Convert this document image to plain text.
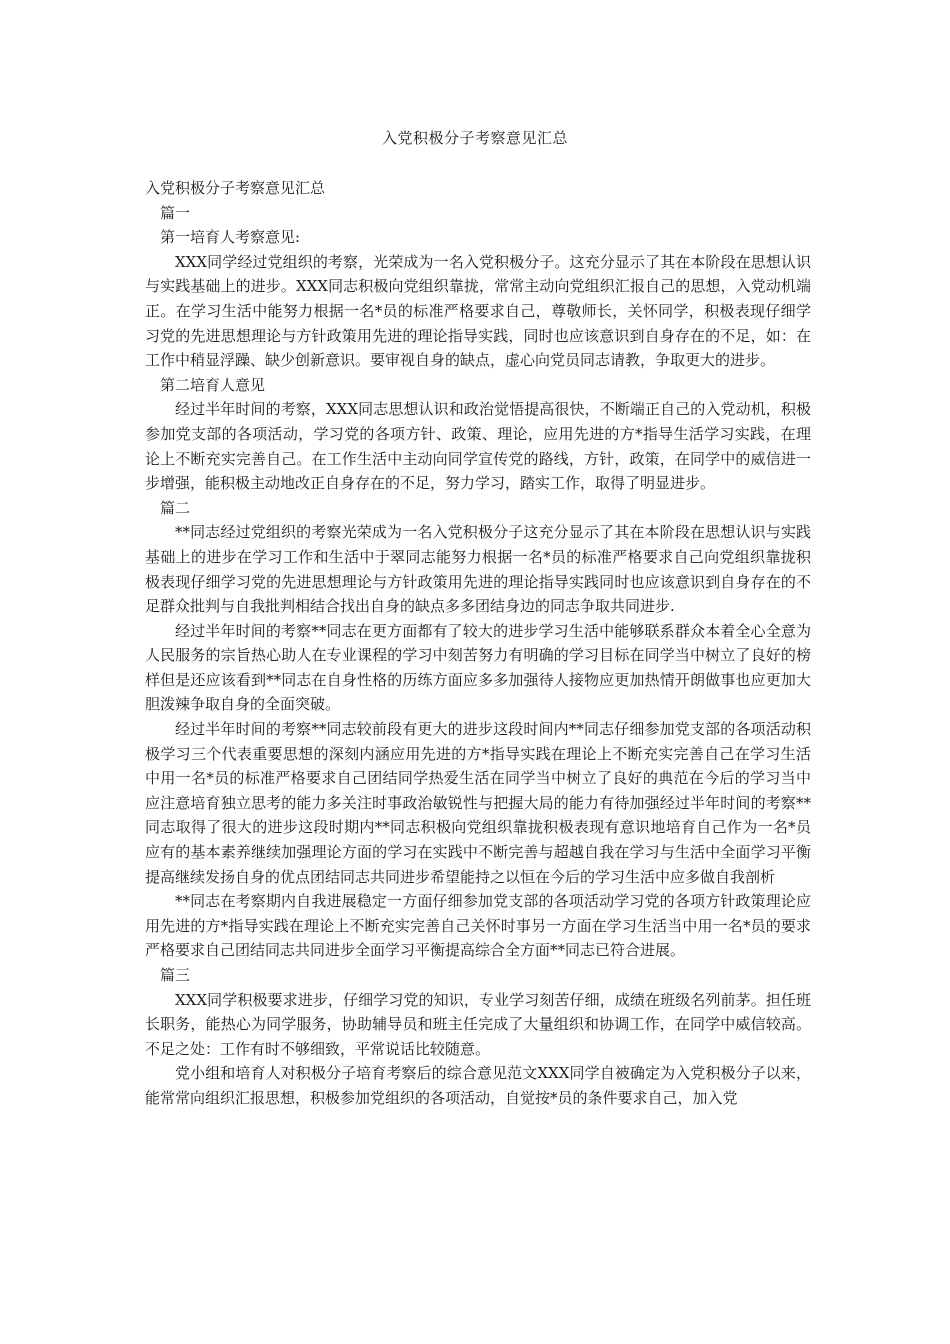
入党积极分子考察意见汇总

入党积极分子考察意见汇总

篇一

第一培育人考察意见:

XXX同学经过党组织的考察，光荣成为一名入党积极分子。这充分显示了其在本阶段在思想认识与实践基础上的进步。XXX同志积极向党组织靠拢，常常主动向党组织汇报自己的思想，入党动机端正。在学习生活中能努力根据一名*员的标准严格要求自己，尊敬师长，关怀同学，积极表现仔细学习党的先进思想理论与方针政策用先进的理论指导实践，同时也应该意识到自身存在的不足，如：在工作中稍显浮躁、缺少创新意识。要审视自身的缺点，虚心向党员同志请教，争取更大的进步。

第二培育人意见

经过半年时间的考察，XXX同志思想认识和政治觉悟提高很快，不断端正自己的入党动机，积极参加党支部的各项活动，学习党的各项方针、政策、理论，应用先进的方*指导生活学习实践，在理论上不断充实完善自己。在工作生活中主动向同学宣传党的路线，方针，政策，在同学中的威信进一步增强，能积极主动地改正自身存在的不足，努力学习，踏实工作，取得了明显进步。

篇二

**同志经过党组织的考察光荣成为一名入党积极分子这充分显示了其在本阶段在思想认识与实践基础上的进步在学习工作和生活中于翠同志能努力根据一名*员的标准严格要求自己向党组织靠拢积极表现仔细学习党的先进思想理论与方针政策用先进的理论指导实践同时也应该意识到自身存在的不足群众批判与自我批判相结合找出自身的缺点多多团结身边的同志争取共同进步.

经过半年时间的考察**同志在更方面都有了较大的进步学习生活中能够联系群众本着全心全意为人民服务的宗旨热心助人在专业课程的学习中刻苦努力有明确的学习目标在同学当中树立了良好的榜样但是还应该看到**同志在自身性格的历练方面应多多加强待人接物应更加热情开朗做事也应更加大胆泼辣争取自身的全面突破。

经过半年时间的考察**同志较前段有更大的进步这段时间内**同志仔细参加党支部的各项活动积极学习三个代表重要思想的深刻内涵应用先进的方*指导实践在理论上不断充实完善自己在学习生活中用一名*员的标准严格要求自己团结同学热爱生活在同学当中树立了良好的典范在今后的学习当中应注意培育独立思考的能力多关注时事政治敏锐性与把握大局的能力有待加强经过半年时间的考察**同志取得了很大的进步这段时期内**同志积极向党组织靠拢积极表现有意识地培育自己作为一名*员应有的基本素养继续加强理论方面的学习在实践中不断完善与超越自我在学习与生活中全面学习平衡提高继续发扬自身的优点团结同志共同进步希望能持之以恒在今后的学习生活中应多做自我剖析

**同志在考察期内自我进展稳定一方面仔细参加党支部的各项活动学习党的各项方针政策理论应用先进的方*指导实践在理论上不断充实完善自己关怀时事另一方面在学习生活当中用一名*员的要求严格要求自己团结同志共同进步全面学习平衡提高综合全方面**同志已符合进展。

篇三

XXX同学积极要求进步，仔细学习党的知识，专业学习刻苦仔细，成绩在班级名列前茅。担任班长职务，能热心为同学服务，协助辅导员和班主任完成了大量组织和协调工作，在同学中威信较高。不足之处：工作有时不够细致，平常说话比较随意。

党小组和培育人对积极分子培育考察后的综合意见范文XXX同学自被确定为入党积极分子以来，能常常向组织汇报思想，积极参加党组织的各项活动，自觉按*员的条件要求自己，加入党
